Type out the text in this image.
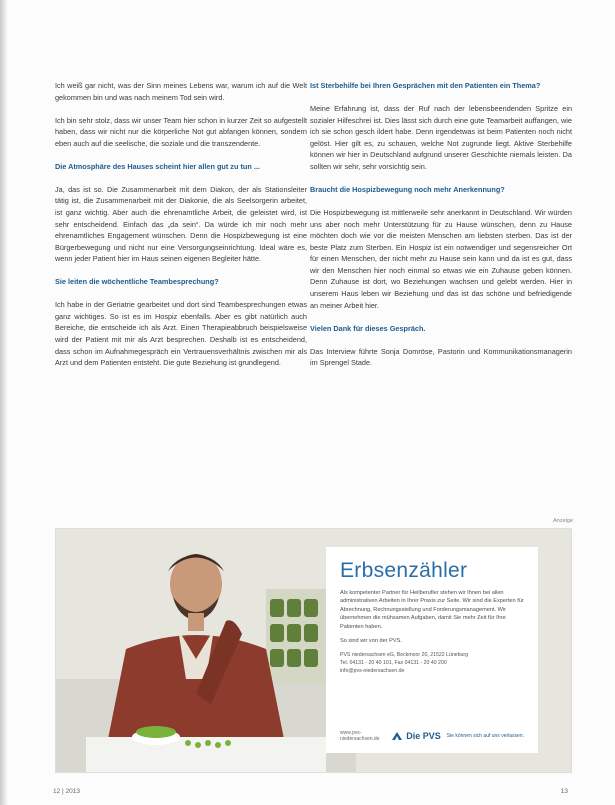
Ich weiß gar nicht, was der Sinn meines Lebens war, warum ich auf die Welt gekommen bin und was nach meinem Tod sein wird.

Ich bin sehr stolz, dass wir unser Team hier schon in kurzer Zeit so aufgestellt haben, dass wir nicht nur die körperliche Not gut abfangen können, sondern eben auch auf die seelische, die soziale und die transzendente.

Die Atmosphäre des Hauses scheint hier allen gut zu tun ...

Ja, das ist so. Die Zusammenarbeit mit dem Diakon, der als Stationsleiter tätig ist, die Zusammenarbeit mit der Diakonie, die als Seelsorgerin arbeitet, ist ganz wichtig. Aber auch die ehrenamtliche Arbeit, die geleistet wird, ist sehr entscheidend. Einfach das „da sein“. Da würde ich mir noch mehr ehrenamtliches Engagement wünschen. Denn die Hospizbewegung ist eine Bürgerbewegung und nicht nur eine Versorgungseinrichtung. Ideal wäre es, wenn jeder Patient hier im Haus seinen eigenen Begleiter hätte.

Sie leiten die wöchentliche Teambesprechung?

Ich habe in der Geriatrie gearbeitet und dort sind Teambesprechungen etwas ganz wichtiges. So ist es im Hospiz ebenfalls. Aber es gibt natürlich auch Bereiche, die entscheide ich als Arzt. Einen Therapieabbruch beispielsweise wird der Patient mit mir als Arzt besprechen. Deshalb ist es entscheidend, dass schon im Aufnahmegespräch ein Vertrauensverhältnis zwischen mir als Arzt und dem Patienten entsteht. Die gute Beziehung ist grundlegend.

Ist Sterbehilfe bei Ihren Gesprächen mit den Patienten ein Thema?

Meine Erfahrung ist, dass der Ruf nach der lebensbeendenden Spritze ein sozialer Hilfeschrei ist. Dies lässt sich durch eine gute Teamarbeit auffangen, wie ich sie schon gesch ildert habe. Denn irgendetwas ist beim Patienten noch nicht gelöst. Hier gilt es, zu schauen, welche Not zugrunde liegt. Aktive Sterbehilfe können wir hier in Deutschland aufgrund unserer Geschichte niemals leisten. Da sollten wir sehr, sehr vorsichtig sein.

Braucht die Hospizbewegung noch mehr Anerkennung?

Die Hospizbewegung ist mittlerweile sehr anerkannt in Deutschland. Wir würden uns aber noch mehr Unterstützung für zu Hause wünschen, denn zu Hause möchten doch wie vor die meisten Menschen am liebsten sterben. Das ist der beste Platz zum Sterben. Ein Hospiz ist ein notwendiger und segensreicher Ort für einen Menschen, der nicht mehr zu Hause sein kann und da ist es gut, dass wir den Menschen hier noch einmal so etwas wie ein Zuhause geben können. Denn Zuhause ist dort, wo Beziehungen wachsen und gelebt werden. Hier in unserem Haus leben wir Beziehung und das ist das schöne und befriedigende an meiner Arbeit hier.

Vielen Dank für dieses Gespräch.

Das Interview führte Sonja Domröse, Pastorin und Kommunikationsmanagerin im Sprengel Stade.

Anzeige
Erbsenzähler
Als kompetenter Partner für Heilberufler stehen wir Ihnen bei allen administrativen Arbeiten in Ihrer Praxis zur Seite. Wir sind die Experten für Abrechnung, Rechnungsstellung und Forderungsmanagement. Wir übernehmen die mühsamen Aufgaben, damit Sie mehr Zeit für Ihre Patienten haben.
So sind wir von der PVS.
PVS niedersachsen eG, Beckmoor 20, 21522 Lüneburg
Tel. 04131 - 20 40 101, Fax 04131 - 20 40 200
info@pvs-niedersachsen.de
www.pvs-niedersachsen.de	Die PVS Sie können sich auf uns verlassen.
12 | 2013	13
